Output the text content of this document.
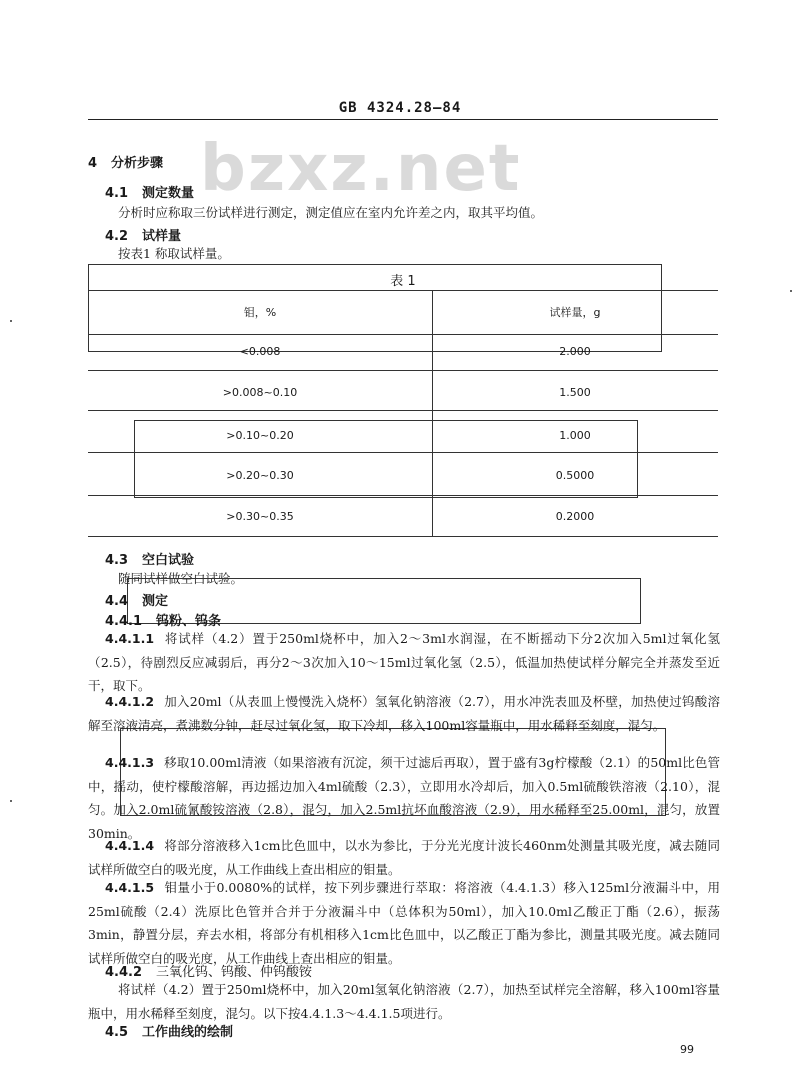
GB 4324.28—84
bzxz.net
4 分析步骤
4.1 测定数量
分析时应称取三份试样进行测定，测定值应在室内允许差之内，取其平均值。
4.2 试样量
按表1 称取试样量。
表 1
钼，%	试样量，g
<0.008	2.000
>0.008~0.10	1.500
>0.10~0.20	1.000
>0.20~0.30	0.5000
>0.30~0.35	0.2000
4.3 空白试验
随同试样做空白试验。
4.4 测定
4.4.1 钨粉、钨条
4.4.1.1 将试样（4.2）置于250ml烧杯中，加入2～3ml水润湿，在不断摇动下分2次加入5ml过氧化氢（2.5），待剧烈反应减弱后，再分2～3次加入10～15ml过氧化氢（2.5），低温加热使试样分解完全并蒸发至近干，取下。
4.4.1.2 加入20ml（从表皿上慢慢洗入烧杯）氢氧化钠溶液（2.7），用水冲洗表皿及杯壁，加热使过钨酸溶解至溶液清亮，煮沸数分钟，赶尽过氧化氢，取下冷却，移入100ml容量瓶中，用水稀释至刻度，混匀。
4.4.1.3 移取10.00ml清液（如果溶液有沉淀，须干过滤后再取），置于盛有3g柠檬酸（2.1）的50ml比色管中，摇动，使柠檬酸溶解，再边摇边加入4ml硫酸（2.3），立即用水冷却后，加入0.5ml硫酸铁溶液（2.10），混匀。加入2.0ml硫氰酸铵溶液（2.8），混匀，加入2.5ml抗坏血酸溶液（2.9），用水稀释至25.00ml，混匀，放置30min。
4.4.1.4 将部分溶液移入1cm比色皿中，以水为参比，于分光光度计波长460nm处测量其吸光度，减去随同试样所做空白的吸光度，从工作曲线上查出相应的钼量。
4.4.1.5 钼量小于0.0080%的试样，按下列步骤进行萃取：将溶液（4.4.1.3）移入125ml分液漏斗中，用25ml硫酸（2.4）洗原比色管并合并于分液漏斗中（总体积为50ml），加入10.0ml乙酸正丁酯（2.6），振荡3min，静置分层，弃去水相，将部分有机相移入1cm比色皿中，以乙酸正丁酯为参比，测量其吸光度。减去随同试样所做空白的吸光度，从工作曲线上查出相应的钼量。
4.4.2 三氧化钨、钨酸、仲钨酸铵
将试样（4.2）置于250ml烧杯中，加入20ml氢氧化钠溶液（2.7），加热至试样完全溶解，移入100ml容量瓶中，用水稀释至刻度，混匀。以下按4.4.1.3～4.4.1.5项进行。
4.5 工作曲线的绘制
99
